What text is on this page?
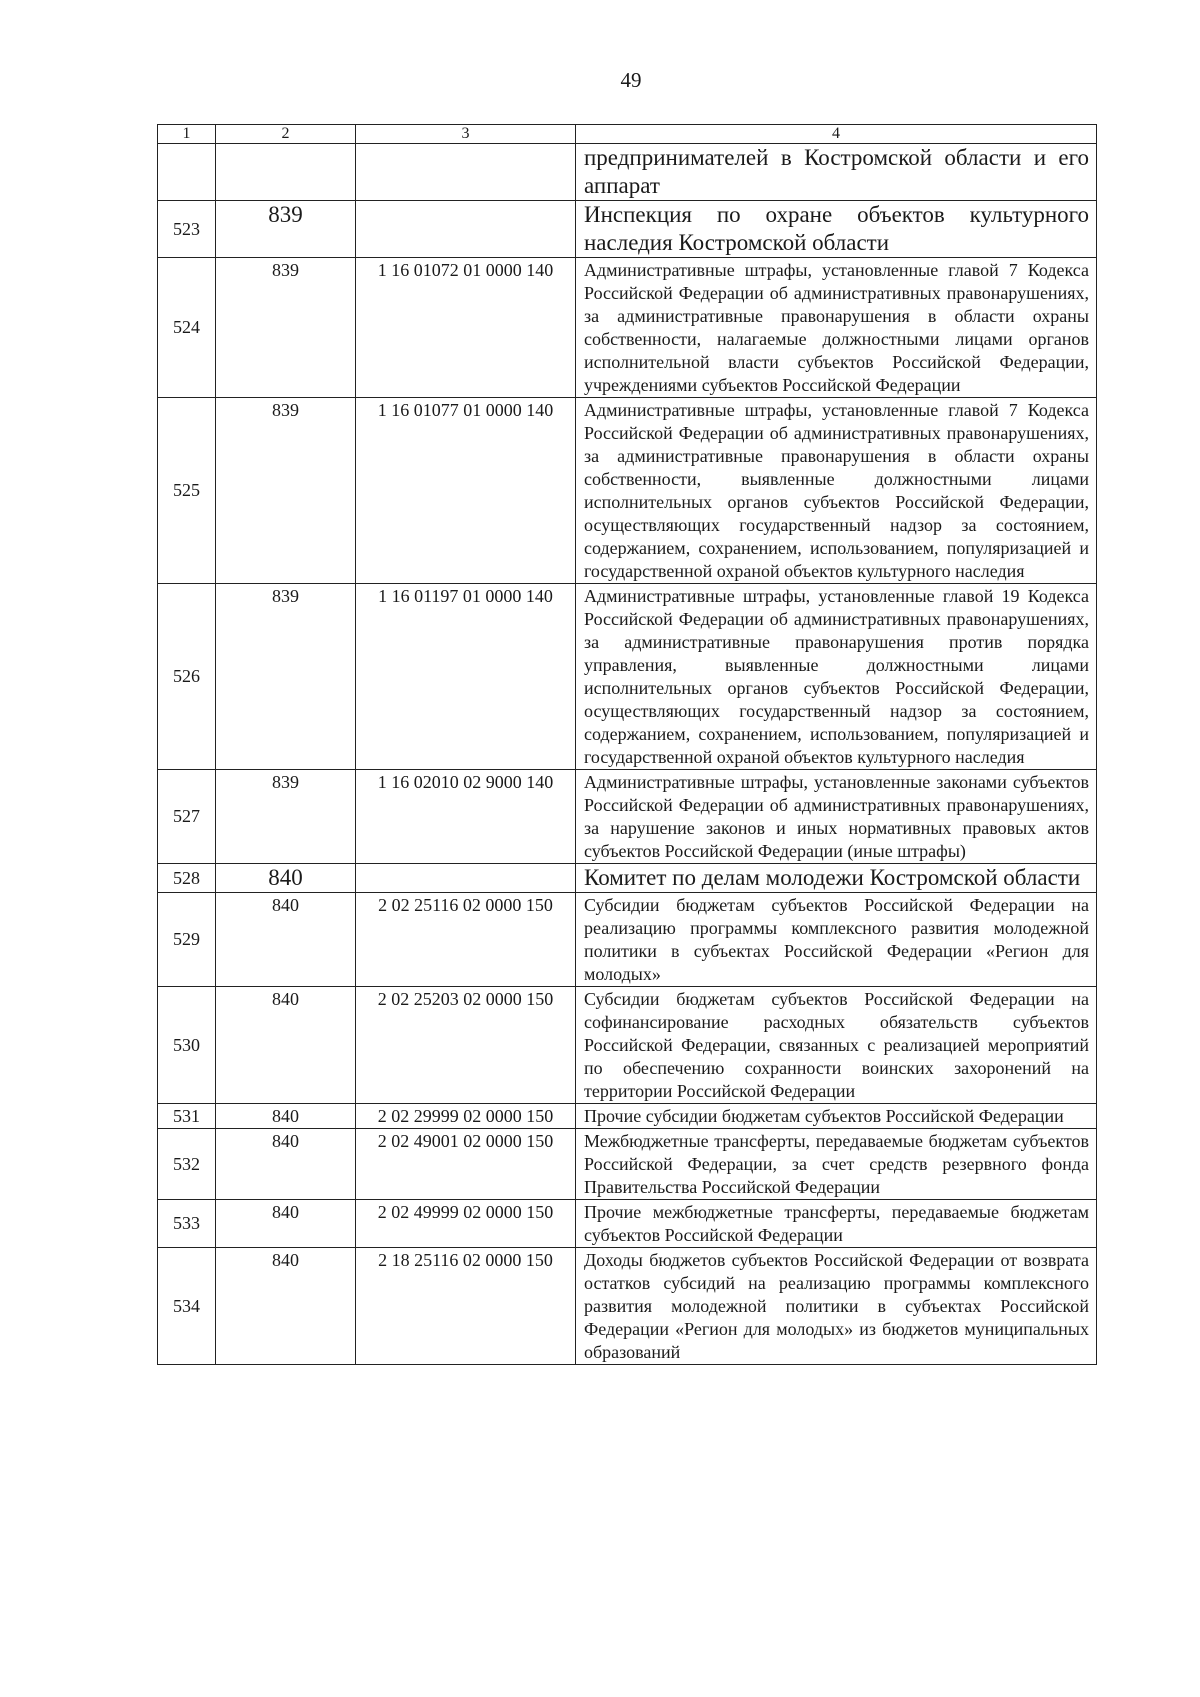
49
1	2	3	4
			предпринимателей в Костромской области и его аппарат
523	839		Инспекция по охране объектов культурного наследия Костромской области
524	839	1 16 01072 01 0000 140	Административные штрафы, установленные главой 7 Кодекса Российской Федерации об административных правонарушениях, за административные правонарушения в области охраны собственности, налагаемые должностными лицами органов исполнительной власти субъектов Российской Федерации, учреждениями субъектов Российской Федерации
525	839	1 16 01077 01 0000 140	Административные штрафы, установленные главой 7 Кодекса Российской Федерации об административных правонарушениях, за административные правонарушения в области охраны собственности, выявленные должностными лицами исполнительных органов субъектов Российской Федерации, осуществляющих государственный надзор за состоянием, содержанием, сохранением, использованием, популяризацией и государственной охраной объектов культурного наследия
526	839	1 16 01197 01 0000 140	Административные штрафы, установленные главой 19 Кодекса Российской Федерации об административных правонарушениях, за административные правонарушения против порядка управления, выявленные должностными лицами исполнительных органов субъектов Российской Федерации, осуществляющих государственный надзор за состоянием, содержанием, сохранением, использованием, популяризацией и государственной охраной объектов культурного наследия
527	839	1 16 02010 02 9000 140	Административные штрафы, установленные законами субъектов Российской Федерации об административных правонарушениях, за нарушение законов и иных нормативных правовых актов субъектов Российской Федерации (иные штрафы)
528	840		Комитет по делам молодежи Костромской области
529	840	2 02 25116 02 0000 150	Субсидии бюджетам субъектов Российской Федерации на реализацию программы комплексного развития молодежной политики в субъектах Российской Федерации «Регион для молодых»
530	840	2 02 25203 02 0000 150	Субсидии бюджетам субъектов Российской Федерации на софинансирование расходных обязательств субъектов Российской Федерации, связанных с реализацией мероприятий по обеспечению сохранности воинских захоронений на территории Российской Федерации
531	840	2 02 29999 02 0000 150	Прочие субсидии бюджетам субъектов Российской Федерации
532	840	2 02 49001 02 0000 150	Межбюджетные трансферты, передаваемые бюджетам субъектов Российской Федерации, за счет средств резервного фонда Правительства Российской Федерации
533	840	2 02 49999 02 0000 150	Прочие межбюджетные трансферты, передаваемые бюджетам субъектов Российской Федерации
534	840	2 18 25116 02 0000 150	Доходы бюджетов субъектов Российской Федерации от возврата остатков субсидий на реализацию программы комплексного развития молодежной политики в субъектах Российской Федерации «Регион для молодых» из бюджетов муниципальных образований
